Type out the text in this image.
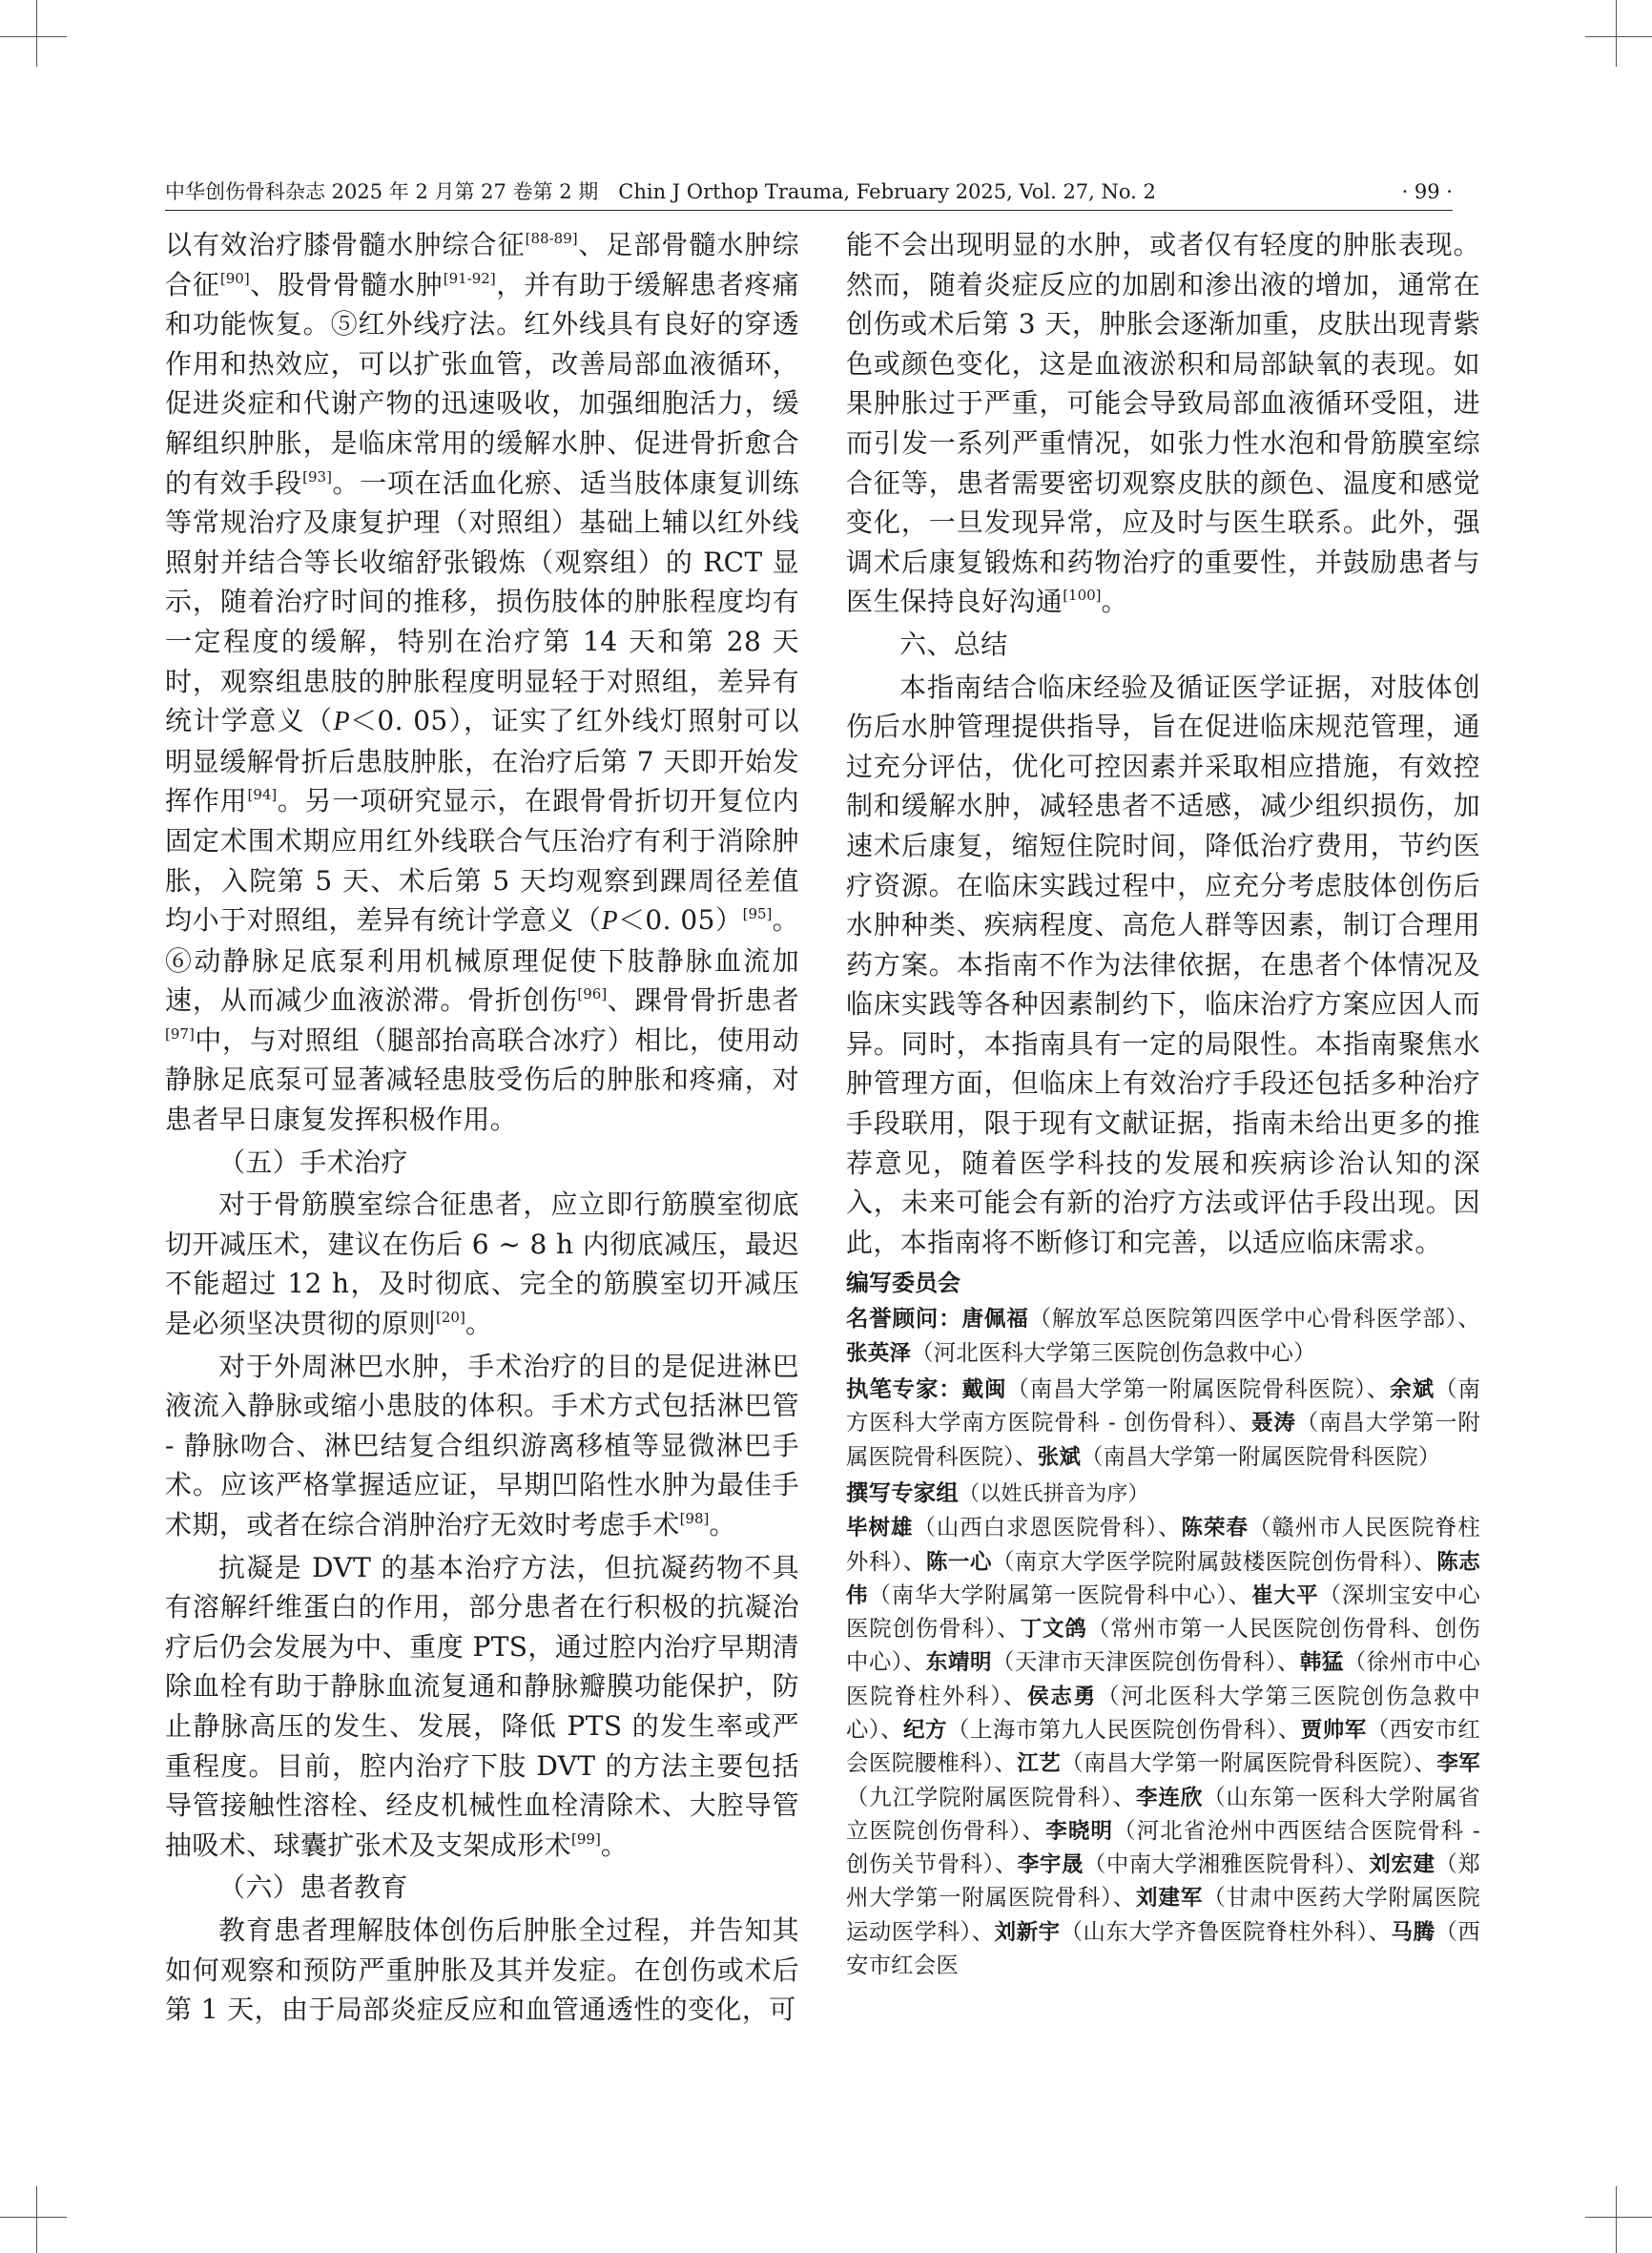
中华创伤骨科杂志 2025 年 2 月第 27 卷第 2 期　Chin J Orthop Trauma, February 2025, Vol. 27, No. 2	· 99 ·

以有效治疗膝骨髓水肿综合征[88-89]、足部骨髓水肿综合征[90]、股骨骨髓水肿[91-92]，并有助于缓解患者疼痛和功能恢复。⑤红外线疗法。红外线具有良好的穿透作用和热效应，可以扩张血管，改善局部血液循环，促进炎症和代谢产物的迅速吸收，加强细胞活力，缓解组织肿胀，是临床常用的缓解水肿、促进骨折愈合的有效手段[93]。一项在活血化瘀、适当肢体康复训练等常规治疗及康复护理（对照组）基础上辅以红外线照射并结合等长收缩舒张锻炼（观察组）的 RCT 显示，随着治疗时间的推移，损伤肢体的肿胀程度均有一定程度的缓解，特别在治疗第 14 天和第 28 天时，观察组患肢的肿胀程度明显轻于对照组，差异有统计学意义（P＜0. 05），证实了红外线灯照射可以明显缓解骨折后患肢肿胀，在治疗后第 7 天即开始发挥作用[94]。另一项研究显示，在跟骨骨折切开复位内固定术围术期应用红外线联合气压治疗有利于消除肿胀，入院第 5 天、术后第 5 天均观察到踝周径差值均小于对照组，差异有统计学意义（P＜0. 05）[95]。⑥动静脉足底泵利用机械原理促使下肢静脉血流加速，从而减少血液淤滞。骨折创伤[96]、踝骨骨折患者[97]中，与对照组（腿部抬高联合冰疗）相比，使用动静脉足底泵可显著减轻患肢受伤后的肿胀和疼痛，对患者早日康复发挥积极作用。

（五）手术治疗

对于骨筋膜室综合征患者，应立即行筋膜室彻底切开减压术，建议在伤后 6 ~ 8 h 内彻底减压，最迟不能超过 12 h，及时彻底、完全的筋膜室切开减压是必须坚决贯彻的原则[20]。

对于外周淋巴水肿，手术治疗的目的是促进淋巴液流入静脉或缩小患肢的体积。手术方式包括淋巴管 - 静脉吻合、淋巴结复合组织游离移植等显微淋巴手术。应该严格掌握适应证，早期凹陷性水肿为最佳手术期，或者在综合消肿治疗无效时考虑手术[98]。

抗凝是 DVT 的基本治疗方法，但抗凝药物不具有溶解纤维蛋白的作用，部分患者在行积极的抗凝治疗后仍会发展为中、重度 PTS，通过腔内治疗早期清除血栓有助于静脉血流复通和静脉瓣膜功能保护，防止静脉高压的发生、发展，降低 PTS 的发生率或严重程度。目前，腔内治疗下肢 DVT 的方法主要包括导管接触性溶栓、经皮机械性血栓清除术、大腔导管抽吸术、球囊扩张术及支架成形术[99]。

（六）患者教育

教育患者理解肢体创伤后肿胀全过程，并告知其如何观察和预防严重肿胀及其并发症。在创伤或术后第 1 天，由于局部炎症反应和血管通透性的变化，可

能不会出现明显的水肿，或者仅有轻度的肿胀表现。然而，随着炎症反应的加剧和渗出液的增加，通常在创伤或术后第 3 天，肿胀会逐渐加重，皮肤出现青紫色或颜色变化，这是血液淤积和局部缺氧的表现。如果肿胀过于严重，可能会导致局部血液循环受阻，进而引发一系列严重情况，如张力性水泡和骨筋膜室综合征等，患者需要密切观察皮肤的颜色、温度和感觉变化，一旦发现异常，应及时与医生联系。此外，强调术后康复锻炼和药物治疗的重要性，并鼓励患者与医生保持良好沟通[100]。

六、总结

本指南结合临床经验及循证医学证据，对肢体创伤后水肿管理提供指导，旨在促进临床规范管理，通过充分评估，优化可控因素并采取相应措施，有效控制和缓解水肿，减轻患者不适感，减少组织损伤，加速术后康复，缩短住院时间，降低治疗费用，节约医疗资源。在临床实践过程中，应充分考虑肢体创伤后水肿种类、疾病程度、高危人群等因素，制订合理用药方案。本指南不作为法律依据，在患者个体情况及临床实践等各种因素制约下，临床治疗方案应因人而异。同时，本指南具有一定的局限性。本指南聚焦水肿管理方面，但临床上有效治疗手段还包括多种治疗手段联用，限于现有文献证据，指南未给出更多的推荐意见，随着医学科技的发展和疾病诊治认知的深入，未来可能会有新的治疗方法或评估手段出现。因此，本指南将不断修订和完善，以适应临床需求。

编写委员会

名誉顾问：唐佩福（解放军总医院第四医学中心骨科医学部）、张英泽（河北医科大学第三医院创伤急救中心）

执笔专家：戴闽（南昌大学第一附属医院骨科医院）、余斌（南方医科大学南方医院骨科 - 创伤骨科）、聂涛（南昌大学第一附属医院骨科医院）、张斌（南昌大学第一附属医院骨科医院）

撰写专家组（以姓氏拼音为序）

毕树雄（山西白求恩医院骨科）、陈荣春（赣州市人民医院脊柱外科）、陈一心（南京大学医学院附属鼓楼医院创伤骨科）、陈志伟（南华大学附属第一医院骨科中心）、崔大平（深圳宝安中心医院创伤骨科）、丁文鸽（常州市第一人民医院创伤骨科、创伤中心）、东靖明（天津市天津医院创伤骨科）、韩猛（徐州市中心医院脊柱外科）、侯志勇（河北医科大学第三医院创伤急救中心）、纪方（上海市第九人民医院创伤骨科）、贾帅军（西安市红会医院腰椎科）、江艺（南昌大学第一附属医院骨科医院）、李军（九江学院附属医院骨科）、李连欣（山东第一医科大学附属省立医院创伤骨科）、李晓明（河北省沧州中西医结合医院骨科 - 创伤关节骨科）、李宇晟（中南大学湘雅医院骨科）、刘宏建（郑州大学第一附属医院骨科）、刘建军（甘肃中医药大学附属医院运动医学科）、刘新宇（山东大学齐鲁医院脊柱外科）、马腾（西安市红会医
